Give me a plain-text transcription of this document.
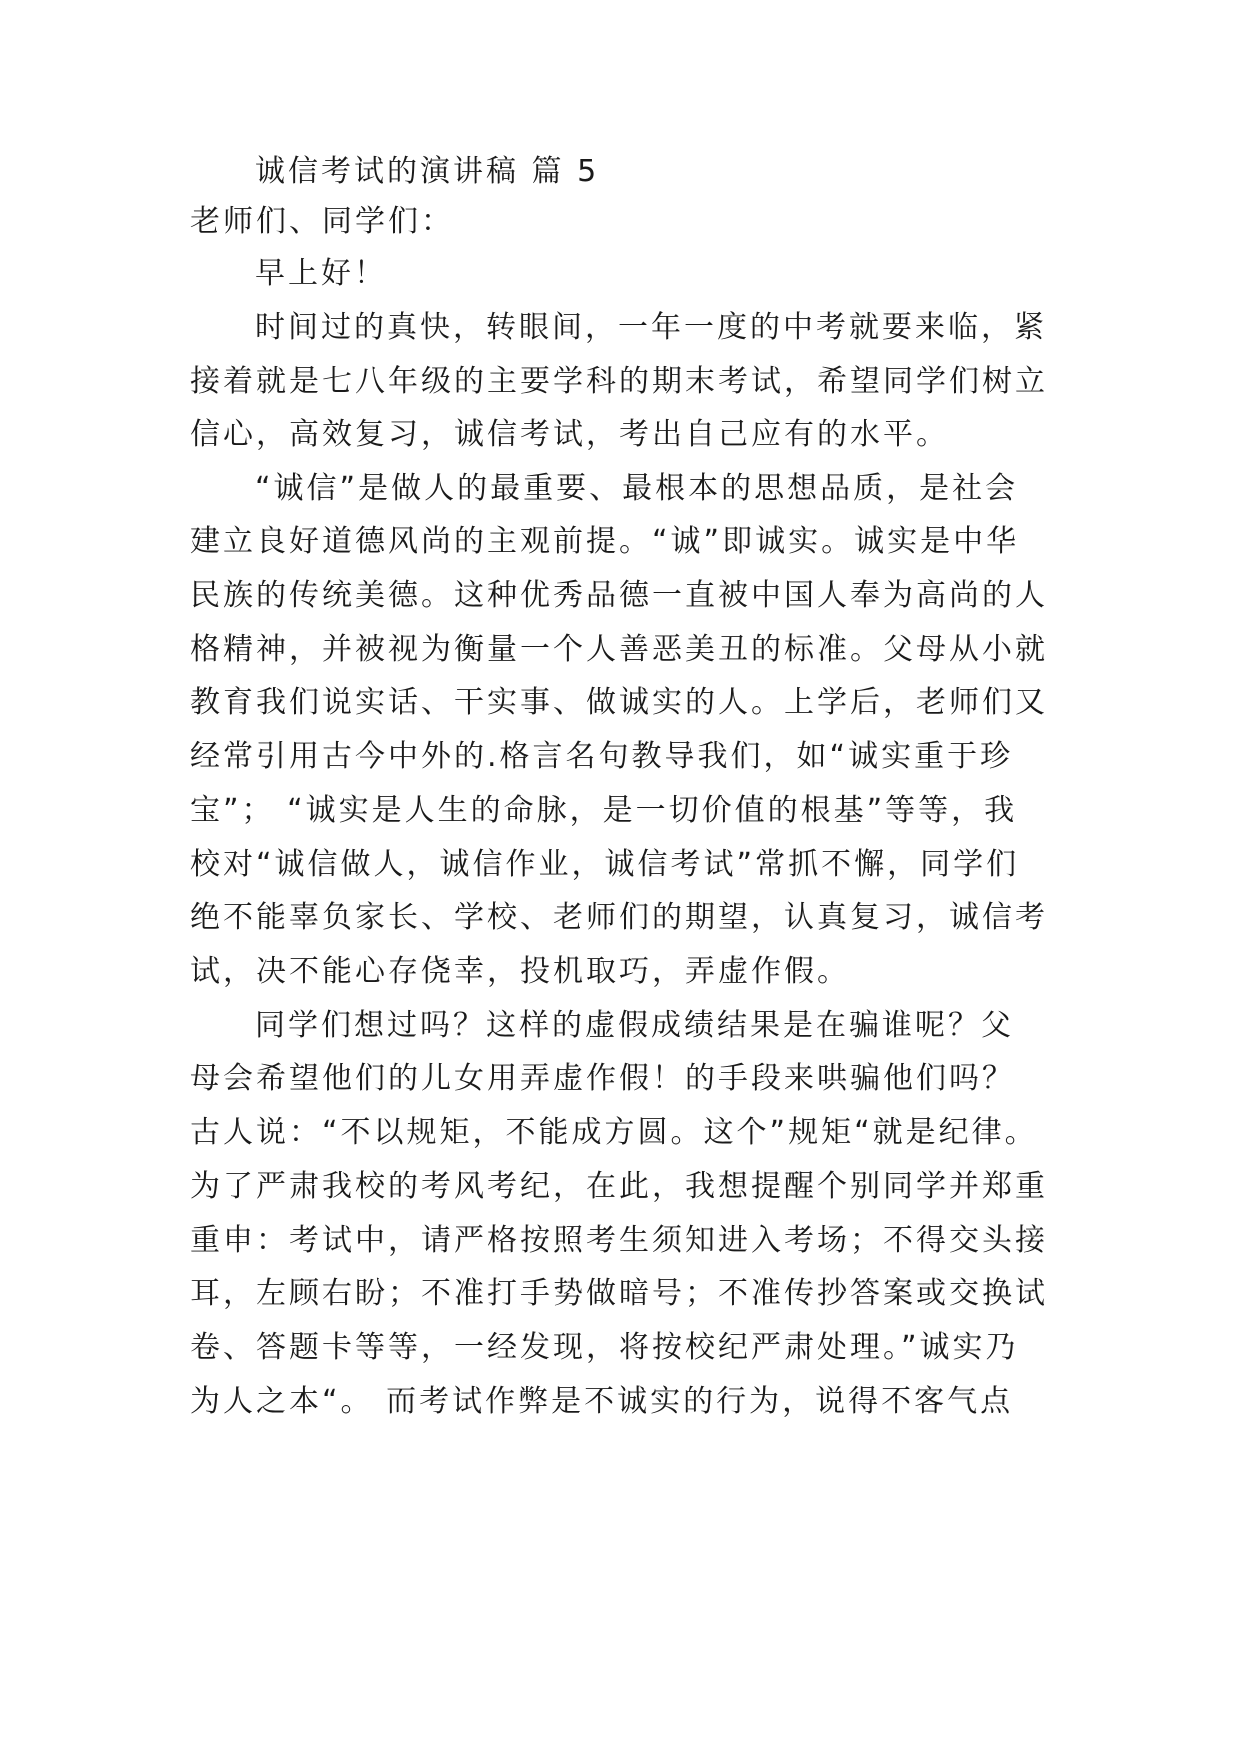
诚信考试的演讲稿 篇 5

老师们、同学们：

早上好！

时间过的真快，转眼间，一年一度的中考就要来临，紧

接着就是七八年级的主要学科的期末考试，希望同学们树立

信心，高效复习，诚信考试，考出自己应有的水平。

“诚信”是做人的最重要、最根本的思想品质，是社会

建立良好道德风尚的主观前提。“诚”即诚实。诚实是中华

民族的传统美德。这种优秀品德一直被中国人奉为高尚的人

格精神，并被视为衡量一个人善恶美丑的标准。父母从小就

教育我们说实话、干实事、做诚实的人。上学后，老师们又

经常引用古今中外的.格言名句教导我们，如“诚实重于珍

宝”； “诚实是人生的命脉，是一切价值的根基”等等，我

校对“诚信做人，诚信作业，诚信考试”常抓不懈，同学们

绝不能辜负家长、学校、老师们的期望，认真复习，诚信考

试，决不能心存侥幸，投机取巧，弄虚作假。

同学们想过吗？这样的虚假成绩结果是在骗谁呢？父

母会希望他们的儿女用弄虚作假！的手段来哄骗他们吗？

古人说：“不以规矩，不能成方圆。这个”规矩“就是纪律。

为了严肃我校的考风考纪，在此，我想提醒个别同学并郑重

重申：考试中，请严格按照考生须知进入考场；不得交头接

耳，左顾右盼；不准打手势做暗号；不准传抄答案或交换试

卷、答题卡等等，一经发现，将按校纪严肃处理。”诚实乃

为人之本“。 而考试作弊是不诚实的行为，说得不客气点
